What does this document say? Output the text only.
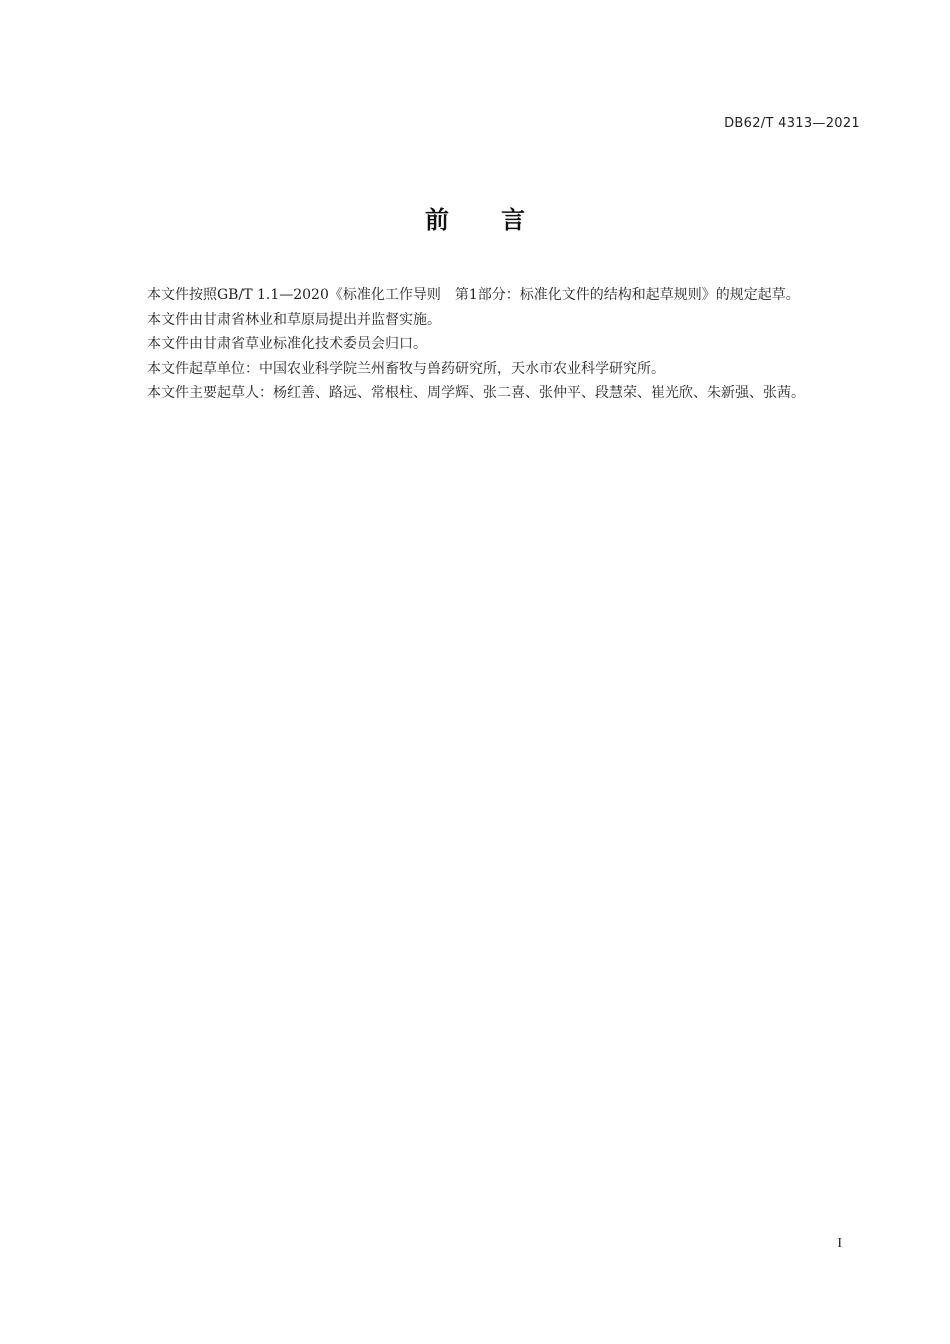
DB62/T 4313—2021
前 言

本文件按照GB/T 1.1—2020《标准化工作导则　第1部分：标准化文件的结构和起草规则》的规定起草。

本文件由甘肃省林业和草原局提出并监督实施。

本文件由甘肃省草业标准化技术委员会归口。

本文件起草单位：中国农业科学院兰州畜牧与兽药研究所，天水市农业科学研究所。

本文件主要起草人：杨红善、路远、常根柱、周学辉、张二喜、张仲平、段慧荣、崔光欣、朱新强、张茜。

I
